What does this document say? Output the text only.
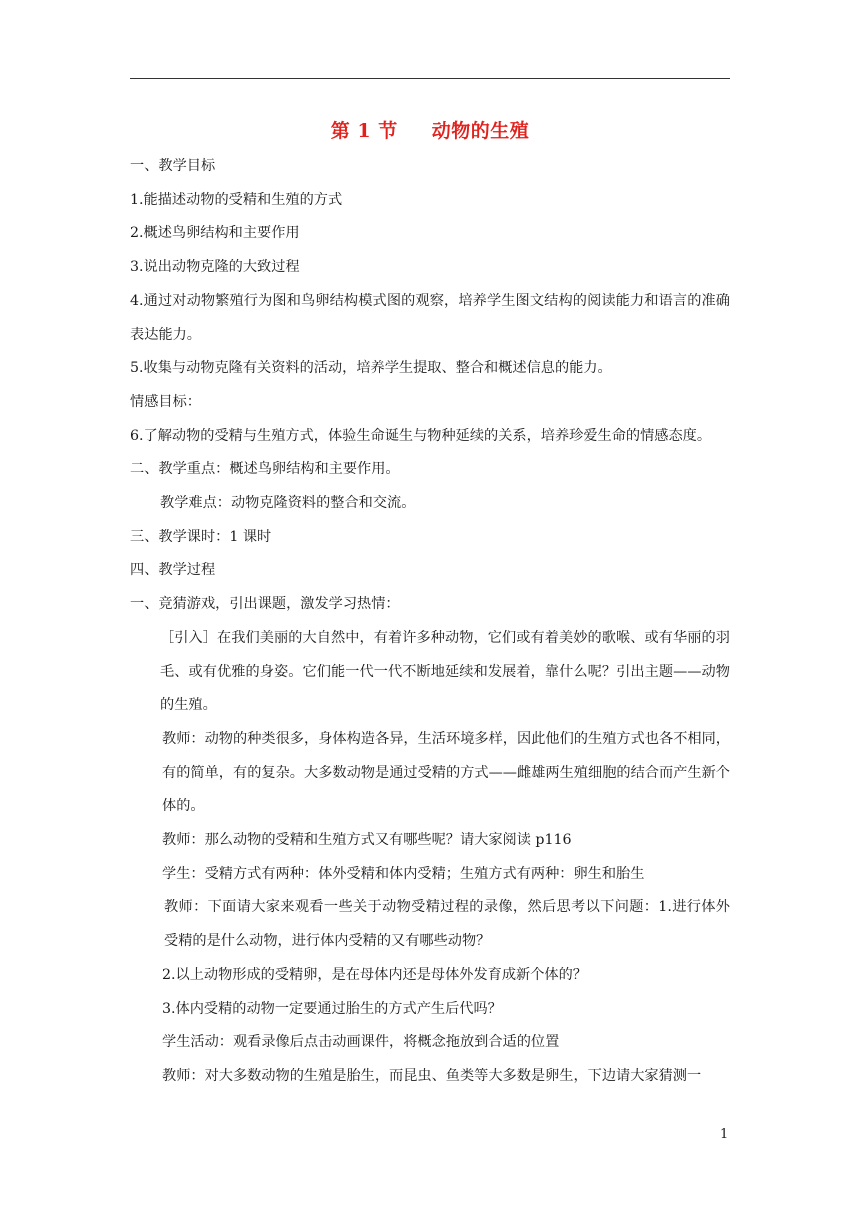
第 1 节 动物的生殖

一、教学目标

1.能描述动物的受精和生殖的方式

2.概述鸟卵结构和主要作用

3.说出动物克隆的大致过程

4.通过对动物繁殖行为图和鸟卵结构模式图的观察，培养学生图文结构的阅读能力和语言的准确表达能力。

5.收集与动物克隆有关资料的活动，培养学生提取、整合和概述信息的能力。

情感目标：

6.了解动物的受精与生殖方式，体验生命诞生与物种延续的关系，培养珍爱生命的情感态度。

二、教学重点：概述鸟卵结构和主要作用。

教学难点：动物克隆资料的整合和交流。

三、教学课时：1 课时

四、教学过程

一、竞猜游戏，引出课题，激发学习热情：

［引入］在我们美丽的大自然中，有着许多种动物，它们或有着美妙的歌喉、或有华丽的羽毛、或有优雅的身姿。它们能一代一代不断地延续和发展着，靠什么呢？引出主题——动物的生殖。

教师：动物的种类很多，身体构造各异，生活环境多样，因此他们的生殖方式也各不相同，有的简单，有的复杂。大多数动物是通过受精的方式——雌雄两生殖细胞的结合而产生新个体的。

教师：那么动物的受精和生殖方式又有哪些呢？请大家阅读 p116

学生：受精方式有两种：体外受精和体内受精；生殖方式有两种：卵生和胎生

教师：下面请大家来观看一些关于动物受精过程的录像，然后思考以下问题：1.进行体外受精的是什么动物，进行体内受精的又有哪些动物？

2.以上动物形成的受精卵，是在母体内还是母体外发育成新个体的？

3.体内受精的动物一定要通过胎生的方式产生后代吗？

学生活动：观看录像后点击动画课件，将概念拖放到合适的位置

教师：对大多数动物的生殖是胎生，而昆虫、鱼类等大多数是卵生，下边请大家猜测一

1
